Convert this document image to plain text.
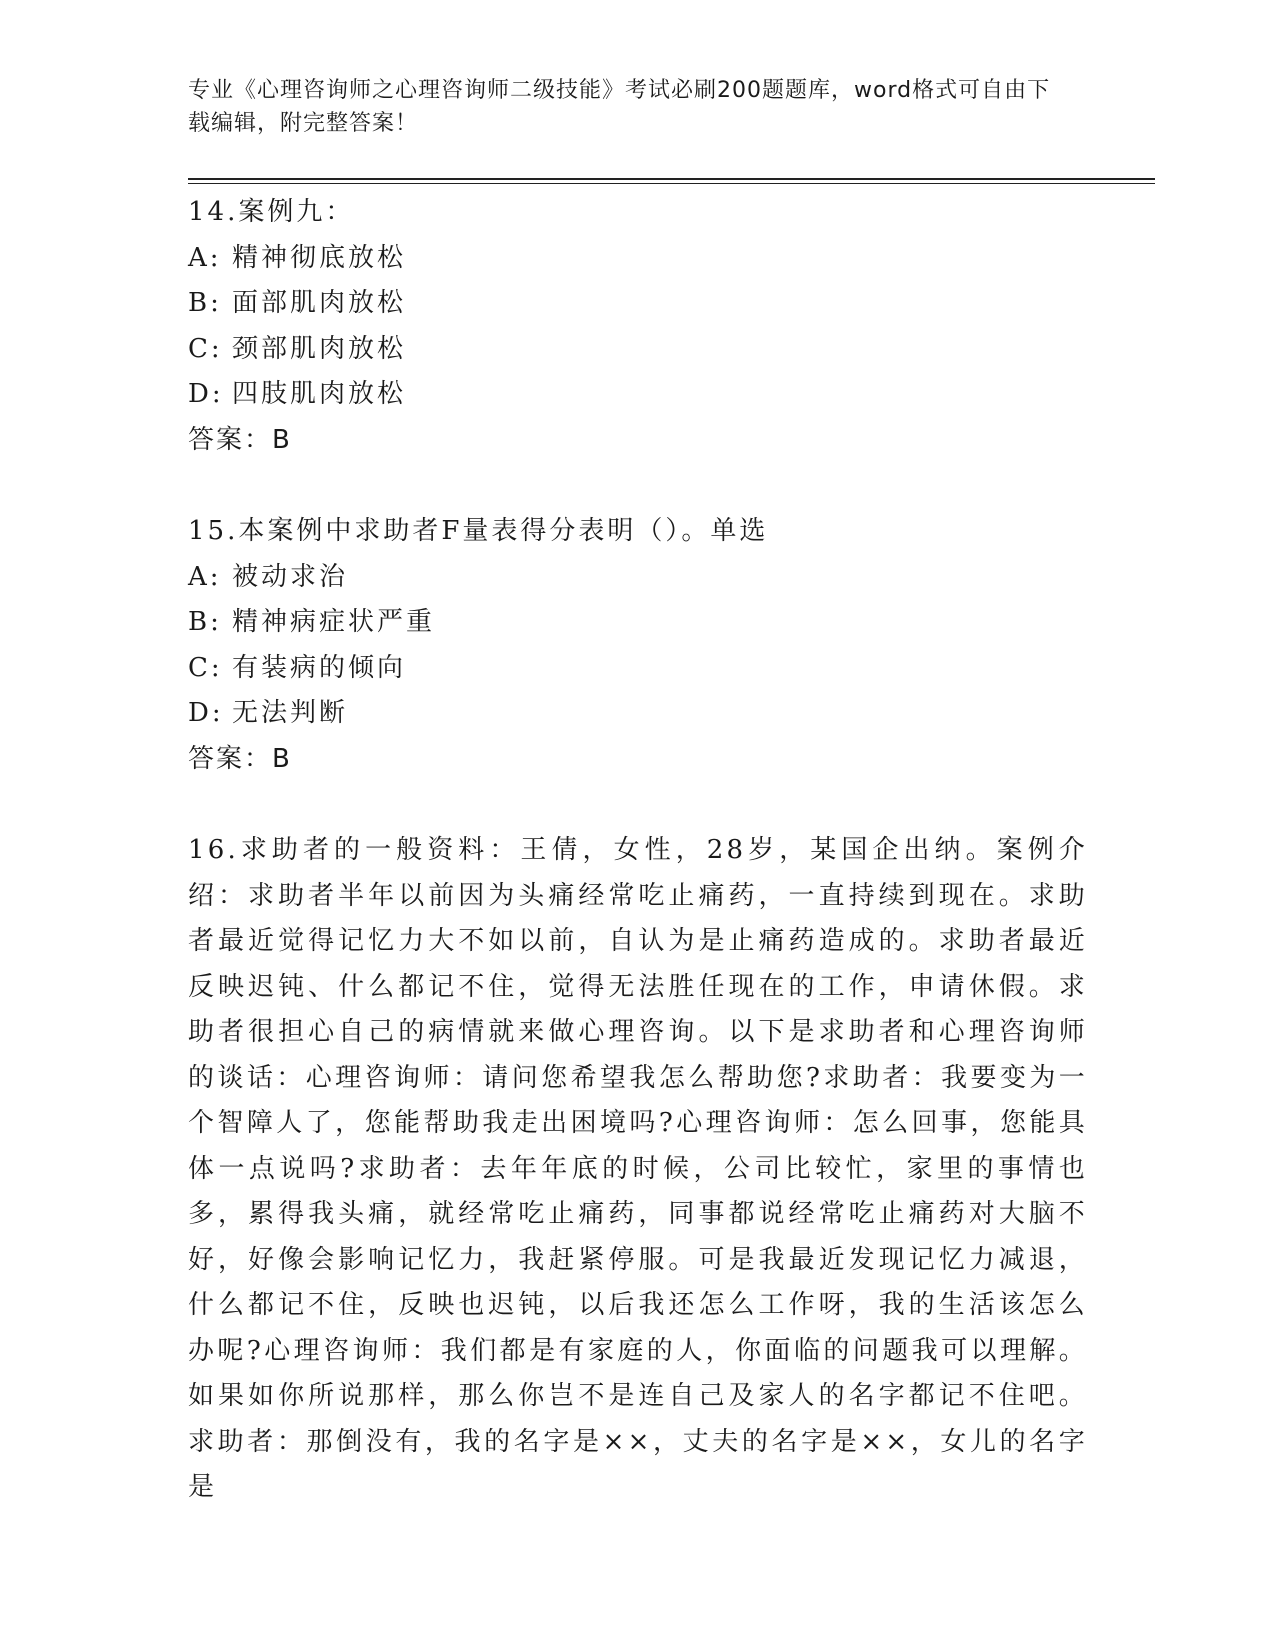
专业《心理咨询师之心理咨询师二级技能》考试必刷200题题库，word格式可自由下载编辑，附完整答案！

14.案例九：

A: 精神彻底放松

B: 面部肌肉放松

C: 颈部肌肉放松

D: 四肢肌肉放松

答案：B

15.本案例中求助者F量表得分表明（）。单选

A: 被动求治

B: 精神病症状严重

C: 有装病的倾向

D: 无法判断

答案：B

16.求助者的一般资料：王倩，女性，28岁，某国企出纳。案例介绍：求助者半年以前因为头痛经常吃止痛药，一直持续到现在。求助者最近觉得记忆力大不如以前，自认为是止痛药造成的。求助者最近反映迟钝、什么都记不住，觉得无法胜任现在的工作，申请休假。求助者很担心自己的病情就来做心理咨询。以下是求助者和心理咨询师的谈话：心理咨询师：请问您希望我怎么帮助您?求助者：我要变为一个智障人了，您能帮助我走出困境吗?心理咨询师：怎么回事，您能具体一点说吗?求助者：去年年底的时候，公司比较忙，家里的事情也多，累得我头痛，就经常吃止痛药，同事都说经常吃止痛药对大脑不好，好像会影响记忆力，我赶紧停服。可是我最近发现记忆力减退，什么都记不住，反映也迟钝，以后我还怎么工作呀，我的生活该怎么办呢?心理咨询师：我们都是有家庭的人，你面临的问题我可以理解。如果如你所说那样，那么你岂不是连自己及家人的名字都记不住吧。求助者：那倒没有，我的名字是××，丈夫的名字是××，女儿的名字是
